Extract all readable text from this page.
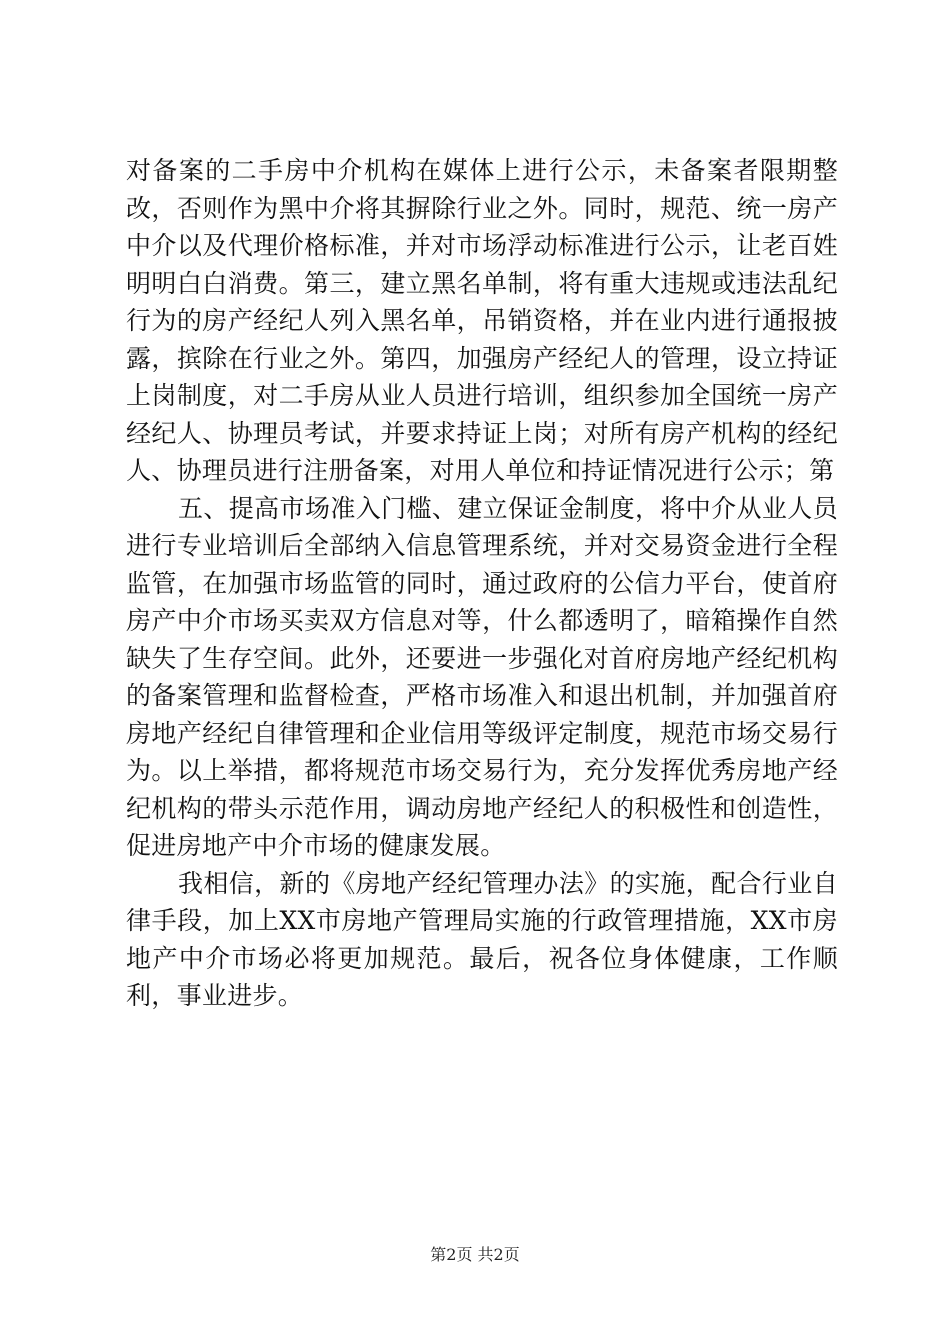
对备案的二手房中介机构在媒体上进行公示，未备案者限期整改，否则作为黑中介将其摒除行业之外。同时，规范、统一房产中介以及代理价格标准，并对市场浮动标准进行公示，让老百姓明明白白消费。第三，建立黑名单制，将有重大违规或违法乱纪行为的房产经纪人列入黑名单，吊销资格，并在业内进行通报披露，摈除在行业之外。第四，加强房产经纪人的管理，设立持证上岗制度，对二手房从业人员进行培训，组织参加全国统一房产经纪人、协理员考试，并要求持证上岗；对所有房产机构的经纪人、协理员进行注册备案，对用人单位和持证情况进行公示；第

五、提高市场准入门槛、建立保证金制度，将中介从业人员进行专业培训后全部纳入信息管理系统，并对交易资金进行全程监管，在加强市场监管的同时，通过政府的公信力平台，使首府房产中介市场买卖双方信息对等，什么都透明了，暗箱操作自然缺失了生存空间。此外，还要进一步强化对首府房地产经纪机构的备案管理和监督检查，严格市场准入和退出机制，并加强首府房地产经纪自律管理和企业信用等级评定制度，规范市场交易行为。以上举措，都将规范市场交易行为，充分发挥优秀房地产经纪机构的带头示范作用，调动房地产经纪人的积极性和创造性，促进房地产中介市场的健康发展。

我相信，新的《房地产经纪管理办法》的实施，配合行业自律手段，加上XX市房地产管理局实施的行政管理措施，XX市房地产中介市场必将更加规范。最后，祝各位身体健康，工作顺利，事业进步。

第2页 共2页
